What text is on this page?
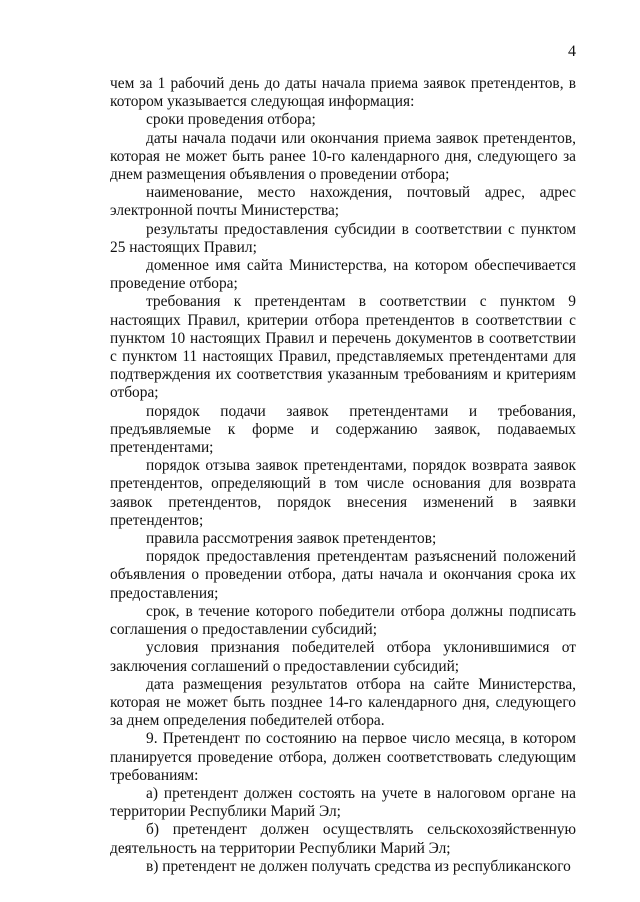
4

чем за 1 рабочий день до даты начала приема заявок претендентов, в котором указывается следующая информация:

сроки проведения отбора;

даты начала подачи или окончания приема заявок претендентов, которая не может быть ранее 10-го календарного дня, следующего за днем размещения объявления о проведении отбора;

наименование, место нахождения, почтовый адрес, адрес электронной почты Министерства;

результаты предоставления субсидии в соответствии с пунктом 25 настоящих Правил;

доменное имя сайта Министерства, на котором обеспечивается проведение отбора;

требования к претендентам в соответствии с пунктом 9 настоящих Правил, критерии отбора претендентов в соответствии с пунктом 10 настоящих Правил и перечень документов в соответствии с пунктом 11 настоящих Правил, представляемых претендентами для подтверждения их соответствия указанным требованиям и критериям отбора;

порядок подачи заявок претендентами и требования, предъявляемые к форме и содержанию заявок, подаваемых претендентами;

порядок отзыва заявок претендентами, порядок возврата заявок претендентов, определяющий в том числе основания для возврата заявок претендентов, порядок внесения изменений в заявки претендентов;

правила рассмотрения заявок претендентов;

порядок предоставления претендентам разъяснений положений объявления о проведении отбора, даты начала и окончания срока их предоставления;

срок, в течение которого победители отбора должны подписать соглашения о предоставлении субсидий;

условия признания победителей отбора уклонившимися от заключения соглашений о предоставлении субсидий;

дата размещения результатов отбора на сайте Министерства, которая не может быть позднее 14-го календарного дня, следующего за днем определения победителей отбора.

9. Претендент по состоянию на первое число месяца, в котором планируется проведение отбора, должен соответствовать следующим требованиям:

а) претендент должен состоять на учете в налоговом органе на территории Республики Марий Эл;

б) претендент должен осуществлять сельскохозяйственную деятельность на территории Республики Марий Эл;

в) претендент не должен получать средства из республиканского
